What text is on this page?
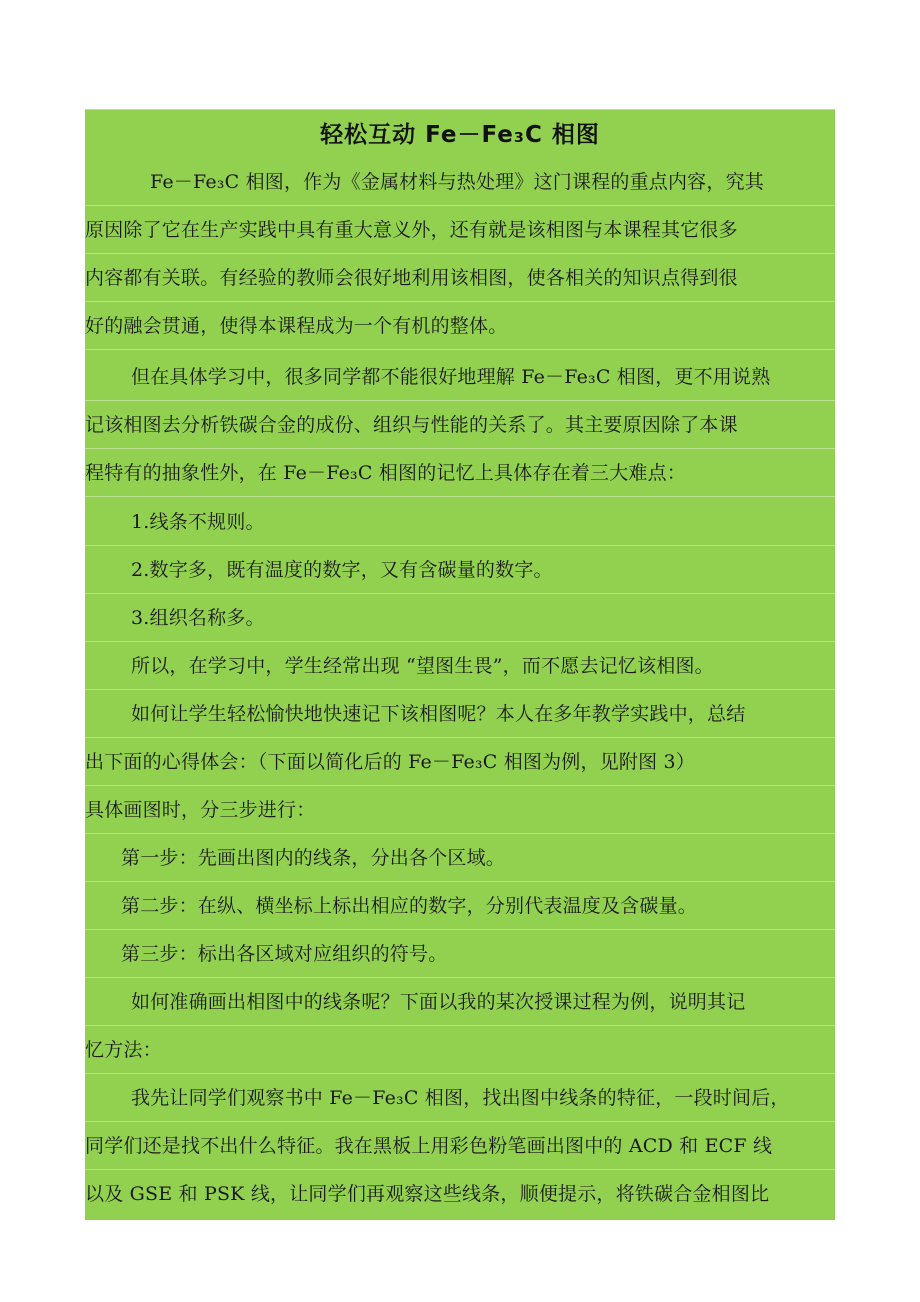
轻松互动 Fe－Fe₃C 相图
Fe－Fe₃C 相图，作为《金属材料与热处理》这门课程的重点内容，究其
原因除了它在生产实践中具有重大意义外，还有就是该相图与本课程其它很多
内容都有关联。有经验的教师会很好地利用该相图，使各相关的知识点得到很
好的融会贯通，使得本课程成为一个有机的整体。
但在具体学习中，很多同学都不能很好地理解 Fe－Fe₃C 相图，更不用说熟
记该相图去分析铁碳合金的成份、组织与性能的关系了。其主要原因除了本课
程特有的抽象性外，在 Fe－Fe₃C 相图的记忆上具体存在着三大难点：
1.线条不规则。
2.数字多，既有温度的数字，又有含碳量的数字。
3.组织名称多。
所以，在学习中，学生经常出现 “望图生畏”，而不愿去记忆该相图。
如何让学生轻松愉快地快速记下该相图呢？本人在多年教学实践中，总结
出下面的心得体会：（下面以简化后的 Fe－Fe₃C 相图为例，见附图 3）
具体画图时，分三步进行：
第一步：先画出图内的线条，分出各个区域。
第二步：在纵、横坐标上标出相应的数字，分别代表温度及含碳量。
第三步：标出各区域对应组织的符号。
如何准确画出相图中的线条呢？下面以我的某次授课过程为例，说明其记
忆方法：
我先让同学们观察书中 Fe－Fe₃C 相图，找出图中线条的特征，一段时间后，
同学们还是找不出什么特征。我在黑板上用彩色粉笔画出图中的 ACD 和 ECF 线
以及 GSE 和 PSK 线，让同学们再观察这些线条，顺便提示，将铁碳合金相图比
